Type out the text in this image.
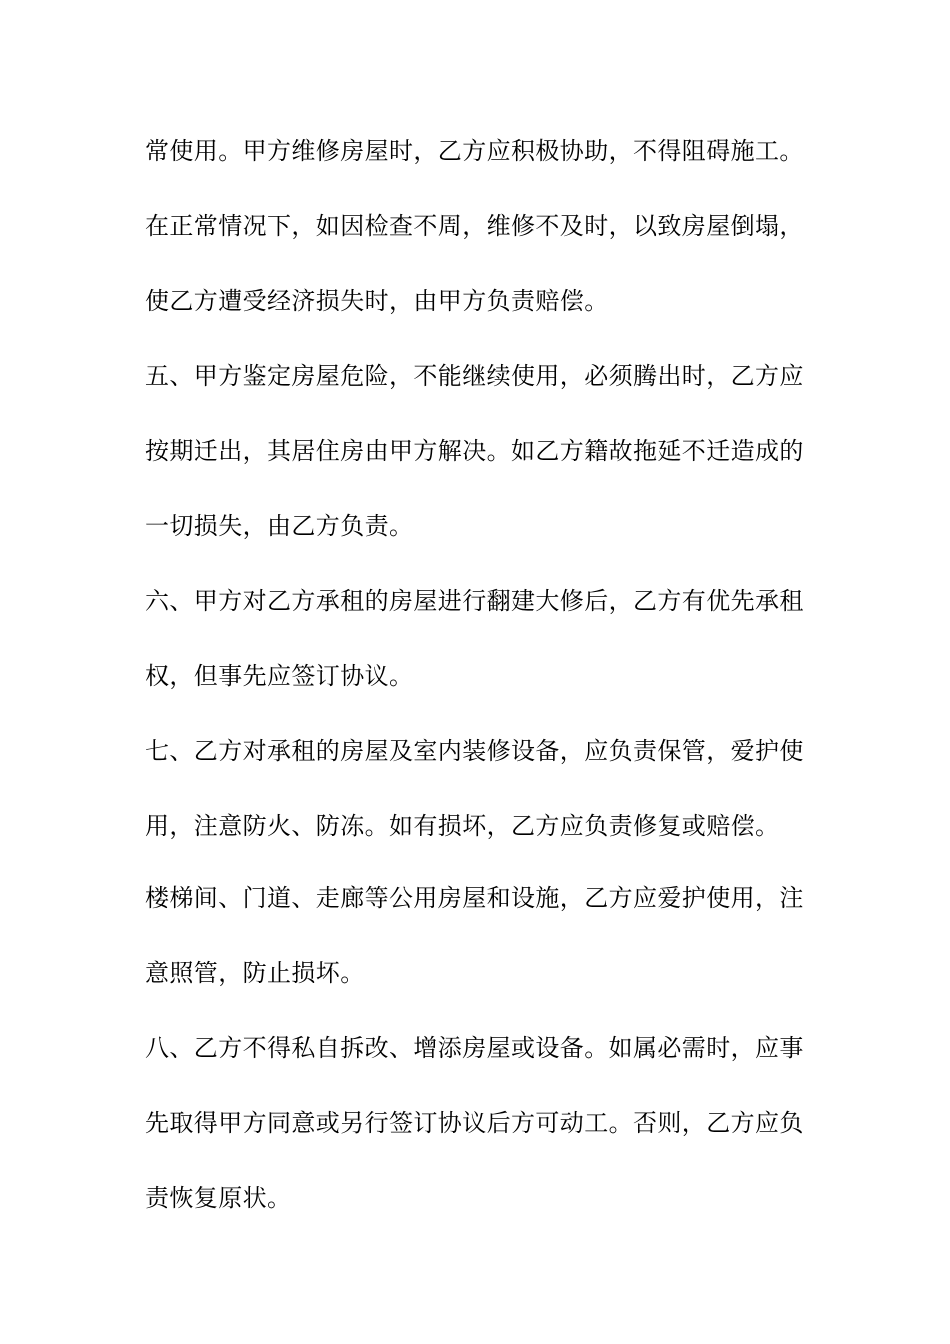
常使用。甲方维修房屋时，乙方应积极协助，不得阻碍施工。
在正常情况下，如因检查不周，维修不及时，以致房屋倒塌，
使乙方遭受经济损失时，由甲方负责赔偿。
五、甲方鉴定房屋危险，不能继续使用，必须腾出时，乙方应
按期迁出，其居住房由甲方解决。如乙方籍故拖延不迁造成的
一切损失，由乙方负责。
六、甲方对乙方承租的房屋进行翻建大修后，乙方有优先承租
权，但事先应签订协议。
七、乙方对承租的房屋及室内装修设备，应负责保管，爱护使
用，注意防火、防冻。如有损坏，乙方应负责修复或赔偿。
楼梯间、门道、走廊等公用房屋和设施，乙方应爱护使用，注
意照管，防止损坏。
八、乙方不得私自拆改、增添房屋或设备。如属必需时，应事
先取得甲方同意或另行签订协议后方可动工。否则，乙方应负
责恢复原状。
